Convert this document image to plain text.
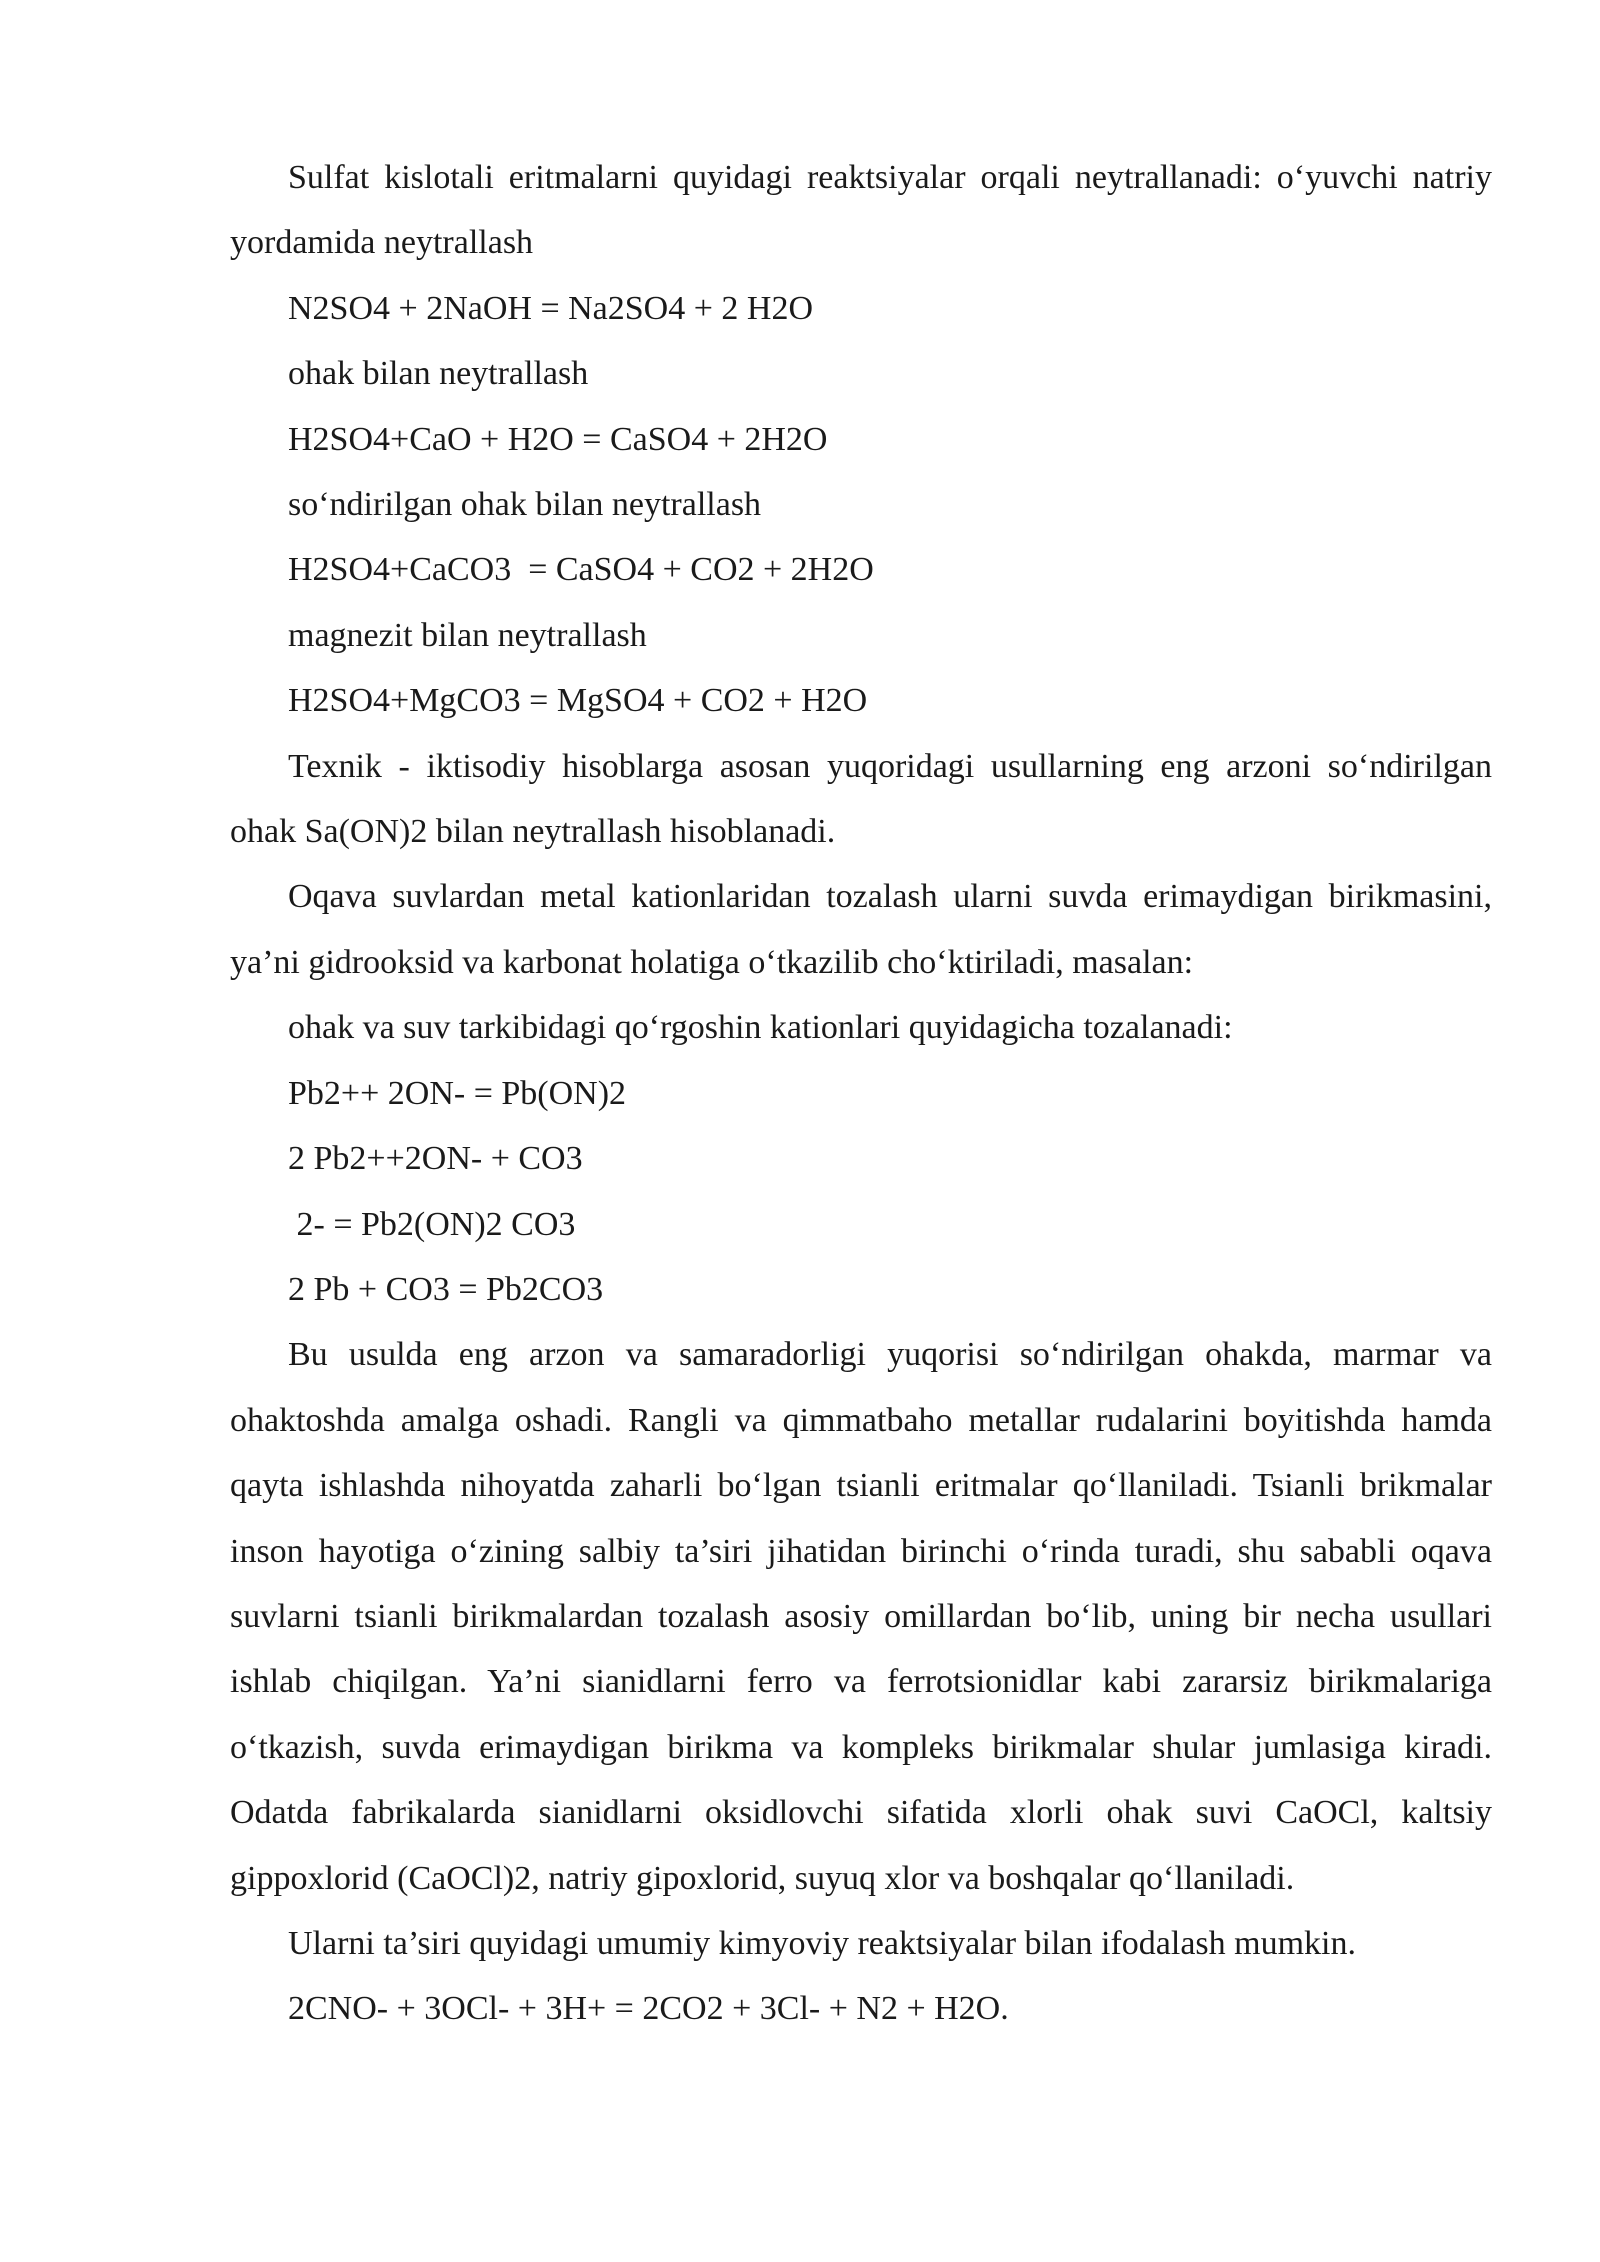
Sulfat kislotali eritmalarni quyidagi reaktsiyalar orqali neytrallanadi: o‘yuvchi natriy yordamida neytrallash

N2SO4 + 2NaOH = Na2SO4 + 2 H2O

ohak bilan neytrallash

H2SO4+CaO + H2O = CaSO4 + 2H2O

so‘ndirilgan ohak bilan neytrallash

H2SO4+CaCO3  = CaSO4 + CO2 + 2H2O

magnezit bilan neytrallash

H2SO4+MgCO3 = MgSO4 + CO2 + H2O

Texnik - iktisodiy hisoblarga asosan yuqoridagi usullarning eng arzoni so‘ndirilgan ohak Sa(ON)2 bilan neytrallash hisoblanadi.

Oqava suvlardan metal kationlaridan tozalash ularni suvda erimaydigan birikmasini, ya’ni gidrooksid va karbonat holatiga o‘tkazilib cho‘ktiriladi, masalan:

ohak va suv tarkibidagi qo‘rgoshin kationlari quyidagicha tozalanadi:

Pb2++ 2ON- = Pb(ON)2

2 Pb2++2ON- + CO3

2- = Pb2(ON)2 CO3

2 Pb + CO3 = Pb2CO3

Bu usulda eng arzon va samaradorligi yuqorisi so‘ndirilgan ohakda, marmar va ohaktoshda amalga oshadi. Rangli va qimmatbaho metallar rudalarini boyitishda hamda qayta ishlashda nihoyatda zaharli bo‘lgan tsianli eritmalar qo‘llaniladi. Tsianli brikmalar inson hayotiga o‘zining salbiy ta’siri jihatidan birinchi o‘rinda turadi, shu sababli oqava suvlarni tsianli birikmalardan tozalash asosiy omillardan bo‘lib, uning bir necha usullari ishlab chiqilgan. Ya’ni sianidlarni ferro va ferrotsionidlar kabi zararsiz birikmalariga o‘tkazish, suvda erimaydigan birikma va kompleks birikmalar shular jumlasiga kiradi. Odatda fabrikalarda sianidlarni oksidlovchi sifatida xlorli ohak suvi CaOCl, kaltsiy gippoxlorid (CaOCl)2, natriy gipoxlorid, suyuq xlor va boshqalar qo‘llaniladi.

Ularni ta’siri quyidagi umumiy kimyoviy reaktsiyalar bilan ifodalash mumkin.

2CNO- + 3OCl- + 3H+ = 2CO2 + 3Cl- + N2 + H2O.
